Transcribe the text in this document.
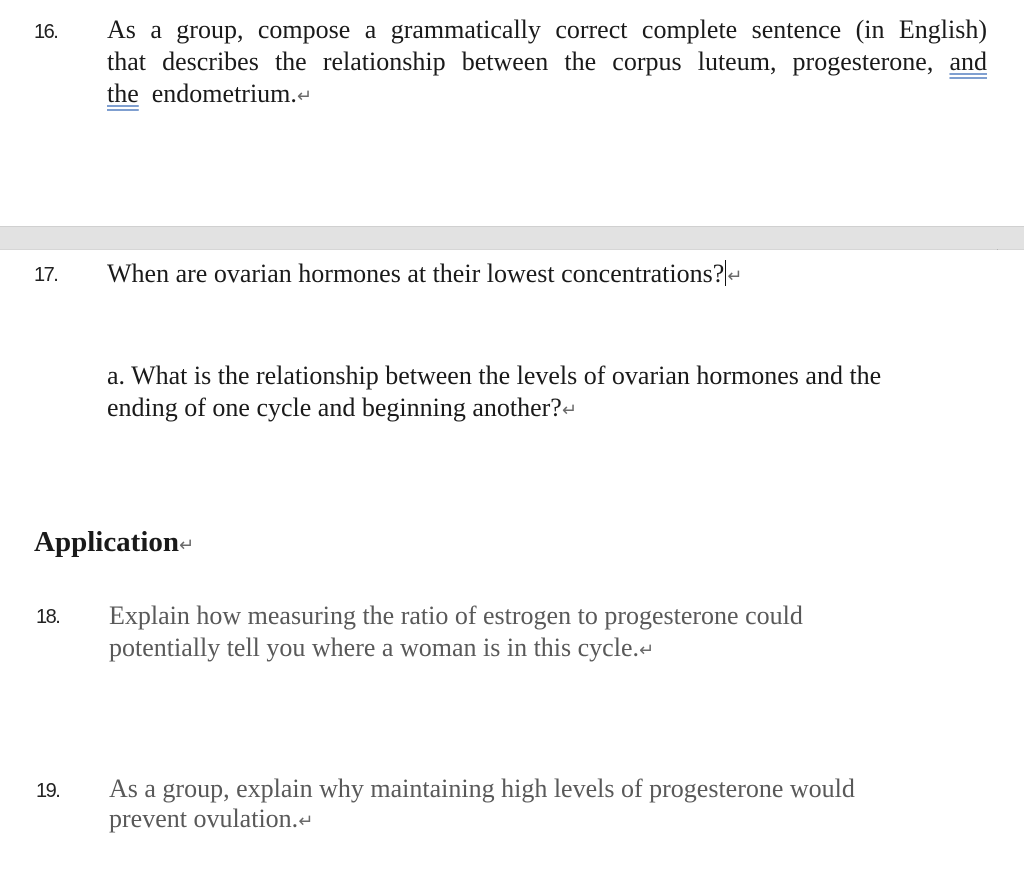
16. As a group, compose a grammatically correct complete sentence (in English)
that describes the relationship between the corpus luteum, progesterone, and
the endometrium.↵
17. When are ovarian hormones at their lowest concentrations? ↵
a. What is the relationship between the levels of ovarian hormones and the
ending of one cycle and beginning another?↵
Application↵
18. Explain how measuring the ratio of estrogen to progesterone could
potentially tell you where a woman is in this cycle.↵
19. As a group, explain why maintaining high levels of progesterone would
prevent ovulation.↵
